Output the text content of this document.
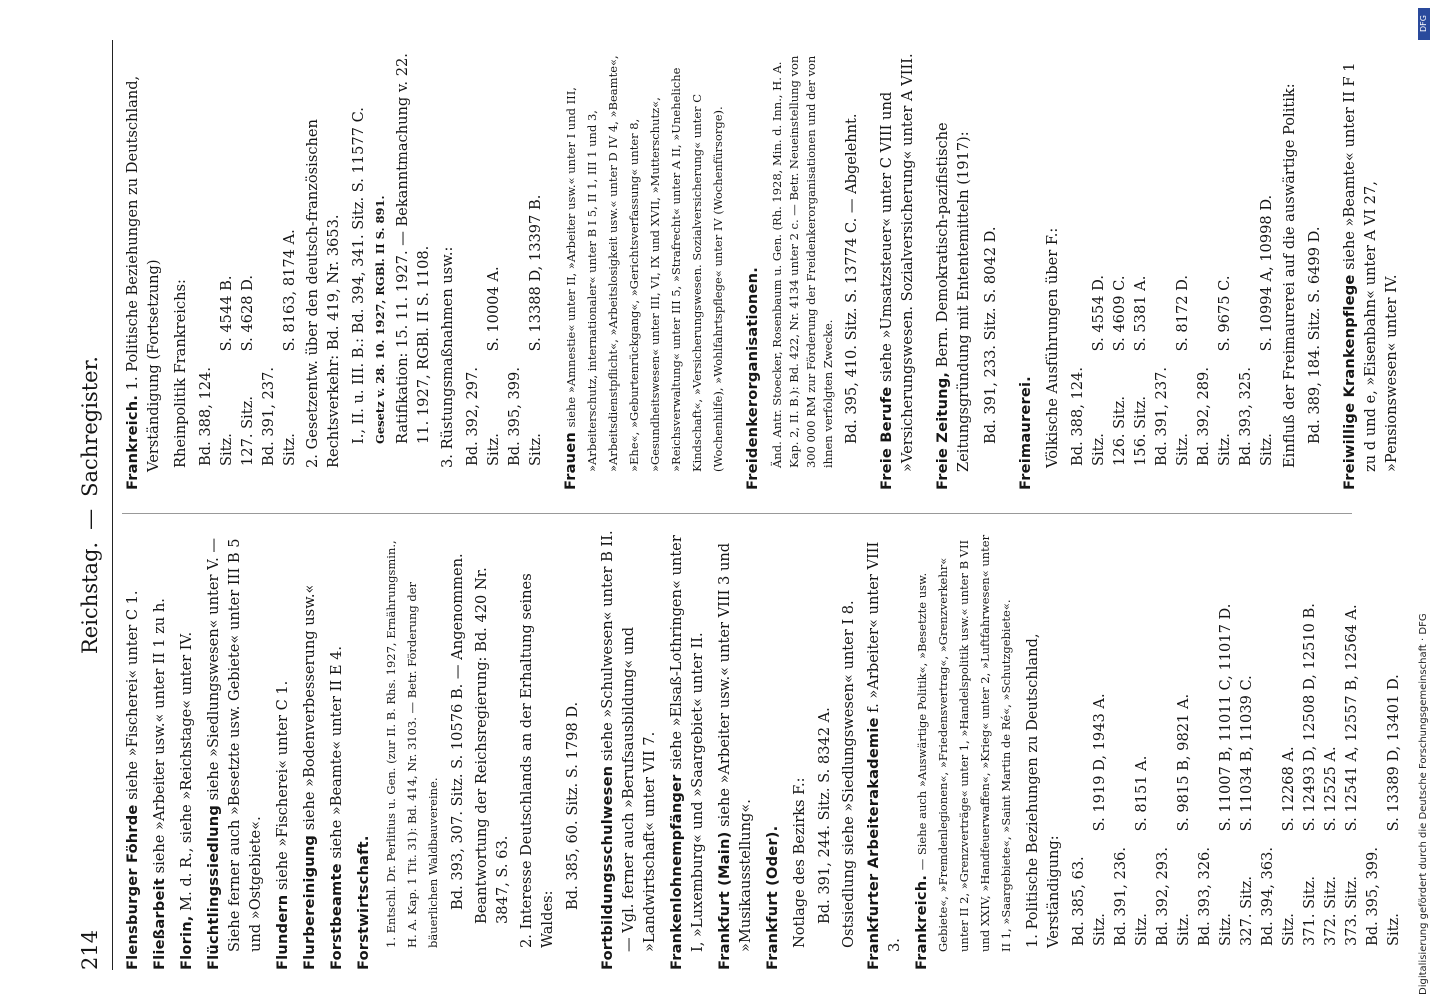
214
Reichstag.—Sachregister.
Flensburger Föhrde siehe »Fischerei« unter C 1.
Fließarbeit siehe »Arbeiter usw.« unter II 1 zu h.
Florin, M. d. R., siehe »Reichstage« unter IV. Flüchtlingssiedlung siehe »Siedlungswesen« unter V. — Siehe ferner auch »Besetzte usw. Gebiete« unter III B 5 und »Ostgebiete«. Flundern siehe »Fischerei« unter C 1.
Flurbereinigung siehe »Bodenverbesserung usw.«
Forstbeamte siehe »Beamte« unter II E 4.
Forstwirtschaft.	1. Entschl. Dr. Perlitius u. Gen. (zur II. B. Rhs. 1927, Ernährungsmin., H. A. Kap. 1 Tit. 31): Bd. 414, Nr. 3103. — Betr. Förderung der bäuerlichen Waldbauvereine. Bd. 393, 307. Sitz. S. 10576 B. — Angenommen. Beantwortung der Reichsregierung: Bd. 420 Nr. 3847, S. 63. 2. Interesse Deutschlands an der Erhaltung seines Waldes:
Bd. 385, 60. Sitz. S. 1798 D. Fortbildungsschulwesen siehe »Schulwesen« unter B II. — Vgl. ferner auch »Berufsausbildung« und »Landwirtschaft« unter VII 7. Frankenlohnempfänger siehe »Elsaß-Lothringen« unter I, »Luxemburg« und »Saargebiet« unter II. Frankfurt (Main) siehe »Arbeiter usw.« unter VIII 3 und »Musikausstellung«. Frankfurt (Oder). Notlage des Bezirks F.: Bd. 391, 244. Sitz. S. 8342 A. Ostsiedlung siehe »Siedlungswesen« unter I 8. Frankfurter Arbeiterakademie f. »Arbeiter« unter VIII 3. Frankreich. — Siehe auch »Auswärtige Politik«, »Besetzte usw. Gebiete«, »Fremdenlegionen«, »Friedensvertrag«, »Grenzverkehr« unter II 2, »Grenzverträge« unter 1, »Handelspolitik usw.« unter B VII und XXIV, »Handfeuerwaffen«, »Krieg« unter 2, »Luftfahrwesen« unter II 1, »Saargebiete«, »Saint Martin de Ré«, »Schutzgebiete«. 1. Politische Beziehungen zu Deutschland, Verständigung: Bd. 385, 63. Sitz. S. 1919 D, 1943 A.
Bd. 391, 236. Sitz. S. 8151 A.
Bd. 392, 293. Sitz. S. 9815 B, 9821 A.
Bd. 393, 326. Sitz. S. 11007 B, 11011 C, 11017 D.
327. Sitz. S. 11034 B, 11039 C.
Bd. 394, 363. Sitz. S. 12268 A.
371. Sitz. S. 12493 D, 12508 D, 12510 B.
372. Sitz. S. 12525 A.
373. Sitz. S. 12541 A, 12557 B, 12564 A.
Bd. 395, 399. Sitz. S. 13389 D, 13401 D.
Frankreich. 1. Politische Beziehungen zu Deutschland, Verständigung (Fortsetzung) Rheinpolitik Frankreichs: Bd. 388, 124. Sitz. S. 4544 B.
127. Sitz. S. 4628 D.
Bd. 391, 237. Sitz. S. 8163, 8174 A. 2. Gesetzentw. über den deutsch-französischen Rechtsverkehr: Bd. 419, Nr. 3653. I., II. u. III. B.: Bd. 394, 341. Sitz. S. 11577 C. Gesetz v. 28. 10. 1927, RGBl. II S. 891. Ratifikation: 15. 11. 1927. — Bekanntmachung v. 22. 11. 1927, RGBl. II S. 1108. 3. Rüstungsmaßnahmen usw.: Bd. 392, 297. Sitz. S. 10004 A.
Bd. 395, 399. Sitz. S. 13388 D, 13397 B.
Frauen siehe »Amnestie« unter II, »Arbeiter usw.« unter I und III, »Arbeiterschutz, internationaler« unter B I 5, II 1, III 1 und 3, »Arbeitsdienstpflicht«, »Arbeitslosigkeit usw.« unter D IV 4, »Beamte«, »Ehe«, »Geburtenrückgang«, »Gerichtsverfassung« unter 8, »Gesundheitswesen« unter III, VI, IX und XVII, »Mutterschutz«, »Reichsverwaltung« unter III 5, »Strafrecht« unter A II, »Uneheliche Kindschaft«, »Versicherungswesen. Sozialversicherung« unter C (Wochenhilfe), »Wohlfahrtspflege« unter IV (Wochenfürsorge). Freidenkerorganisationen. Änd. Antr. Stoecker, Rosenbaum u. Gen. (Rh. 1928, Min. d. Inn., H. A. Kap. 2, II. B.): Bd. 422, Nr. 4134 unter 2 c. — Betr. Neueinstellung von 300 000 RM zur Förderung der Freidenkerorganisationen und der von ihnen verfolgten Zwecke. Bd. 395, 410. Sitz. S. 13774 C. — Abgelehnt. Freie Berufe siehe »Umsatzsteuer« unter C VIII und »Versicherungswesen. Sozialversicherung« unter A VIII. Freie Zeitung, Bern. Demokratisch-pazifistische Zeitungsgründung mit Ententemitteln (1917): Bd. 391, 233. Sitz. S. 8042 D. Freimaurerei. Völkische Ausführungen über F.: Bd. 388, 124. Sitz. S. 4554 D.
126. Sitz. S. 4609 C.
156. Sitz. S. 5381 A.
Bd. 391, 237. Sitz. S. 8172 D.
Bd. 392, 289. Sitz. S. 9675 C.
Bd. 393, 325. Sitz. S. 10994 A, 10998 D. Einfluß der Freimaurerei auf die auswärtige Politik: Bd. 389, 184. Sitz. S. 6499 D. Freiwillige Krankenpflege siehe »Beamte« unter II F 1 zu d und e, »Eisenbahn« unter A VI 27, »Pensionswesen« unter IV.
Digitalisierung gefördert durch die Deutsche Forschungsgemeinschaft · DFG
DFG
